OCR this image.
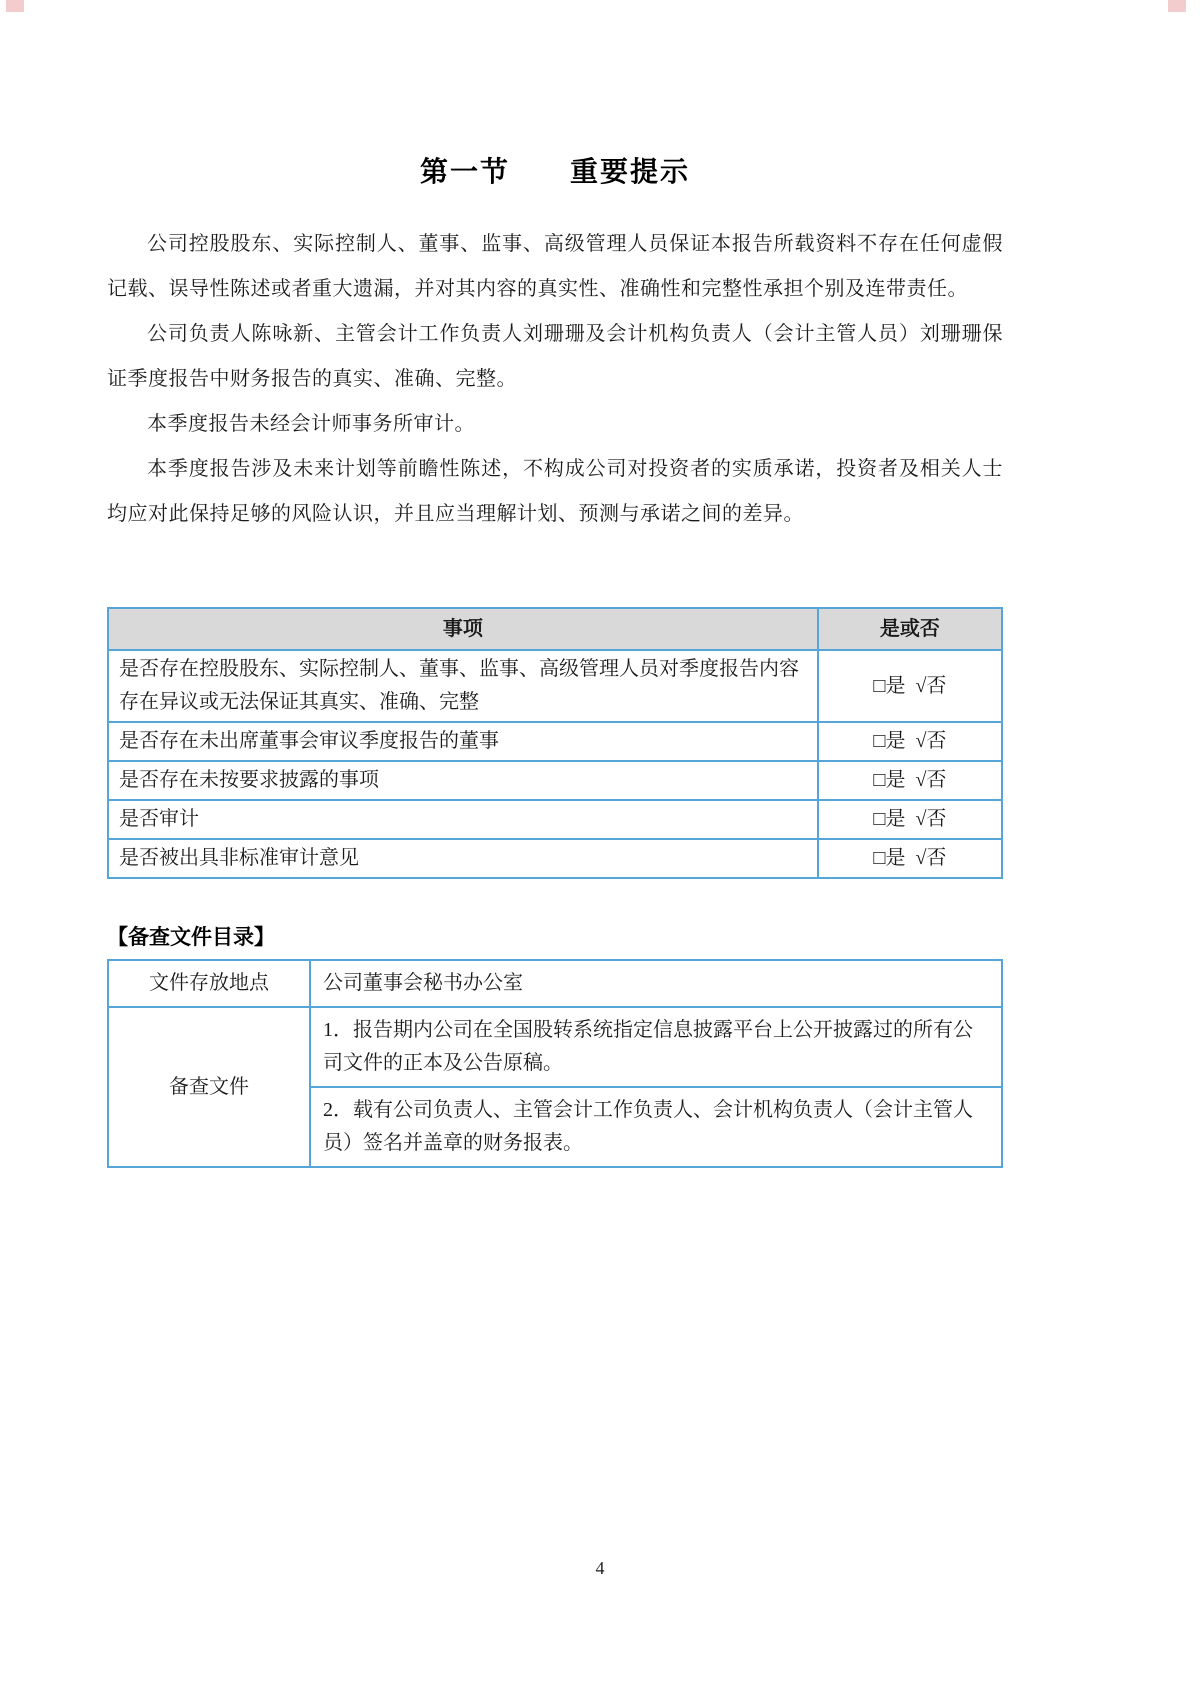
第一节　　重要提示

公司控股股东、实际控制人、董事、监事、高级管理人员保证本报告所载资料不存在任何虚假记载、误导性陈述或者重大遗漏，并对其内容的真实性、准确性和完整性承担个别及连带责任。

公司负责人陈咏新、主管会计工作负责人刘珊珊及会计机构负责人（会计主管人员）刘珊珊保证季度报告中财务报告的真实、准确、完整。

本季度报告未经会计师事务所审计。

本季度报告涉及未来计划等前瞻性陈述，不构成公司对投资者的实质承诺，投资者及相关人士均应对此保持足够的风险认识，并且应当理解计划、预测与承诺之间的差异。

事项	是或否
是否存在控股股东、实际控制人、董事、监事、高级管理人员对季度报告内容存在异议或无法保证其真实、准确、完整	□是  √否
是否存在未出席董事会审议季度报告的董事	□是  √否
是否存在未按要求披露的事项	□是  √否
是否审计	□是  √否
是否被出具非标准审计意见	□是  √否
【备查文件目录】
文件存放地点	公司董事会秘书办公室
备查文件	1．报告期内公司在全国股转系统指定信息披露平台上公开披露过的所有公司文件的正本及公告原稿。
	2．载有公司负责人、主管会计工作负责人、会计机构负责人（会计主管人员）签名并盖章的财务报表。
4
